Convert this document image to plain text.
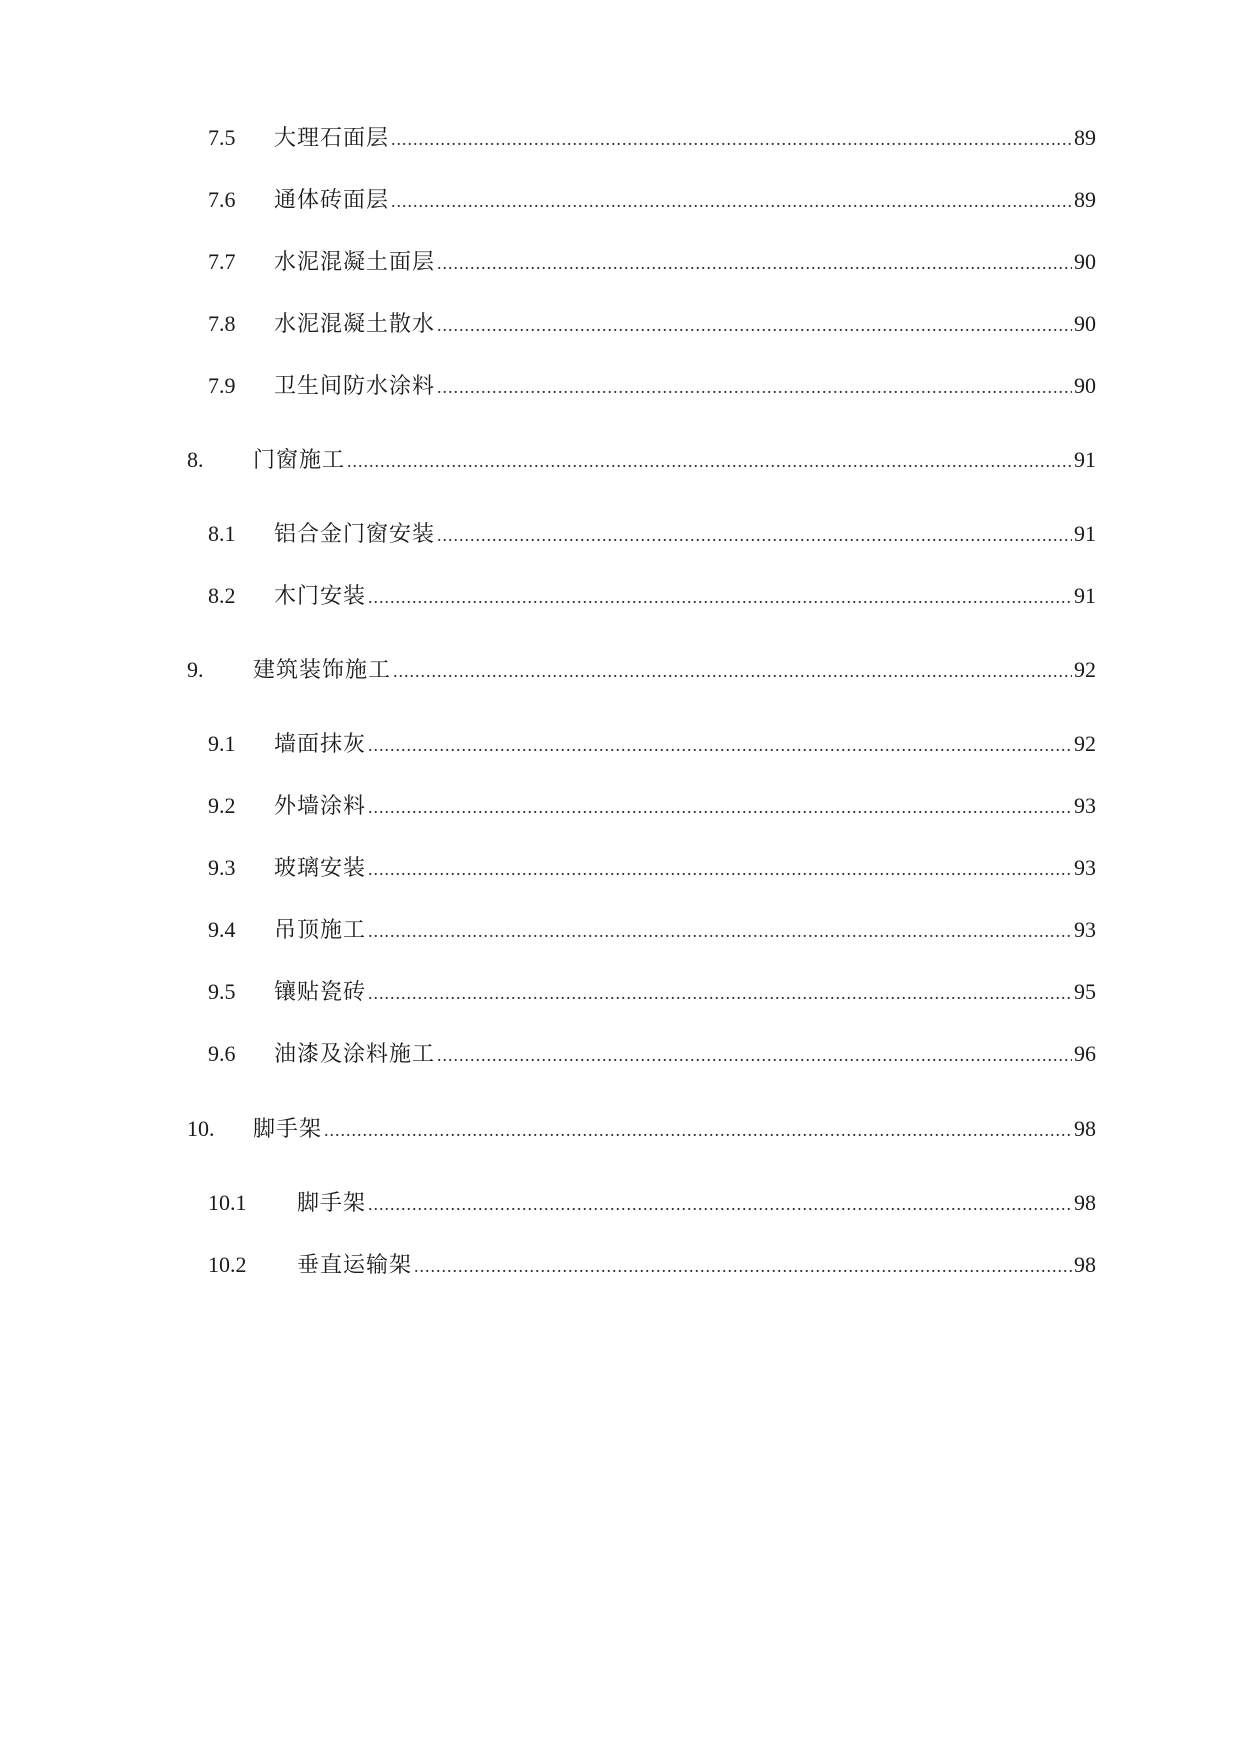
7.5	大理石面层 .....	89
7.6	通体砖面层 .....	89
7.7	水泥混凝土面层 .....	90
7.8	水泥混凝土散水 .....	90
7.9	卫生间防水涂料 .....	90
8.	门窗施工 .....	91
8.1	铝合金门窗安装 .....	91
8.2	木门安装 .....	91
9.	建筑装饰施工 .....	92
9.1	墙面抹灰 .....	92
9.2	外墙涂料 .....	93
9.3	玻璃安装 .....	93
9.4	吊顶施工 .....	93
9.5	镶贴瓷砖 .....	95
9.6	油漆及涂料施工 .....	96
10.	脚手架 .....	98
10.1	脚手架 .....	98
10.2	垂直运输架 .....	98
